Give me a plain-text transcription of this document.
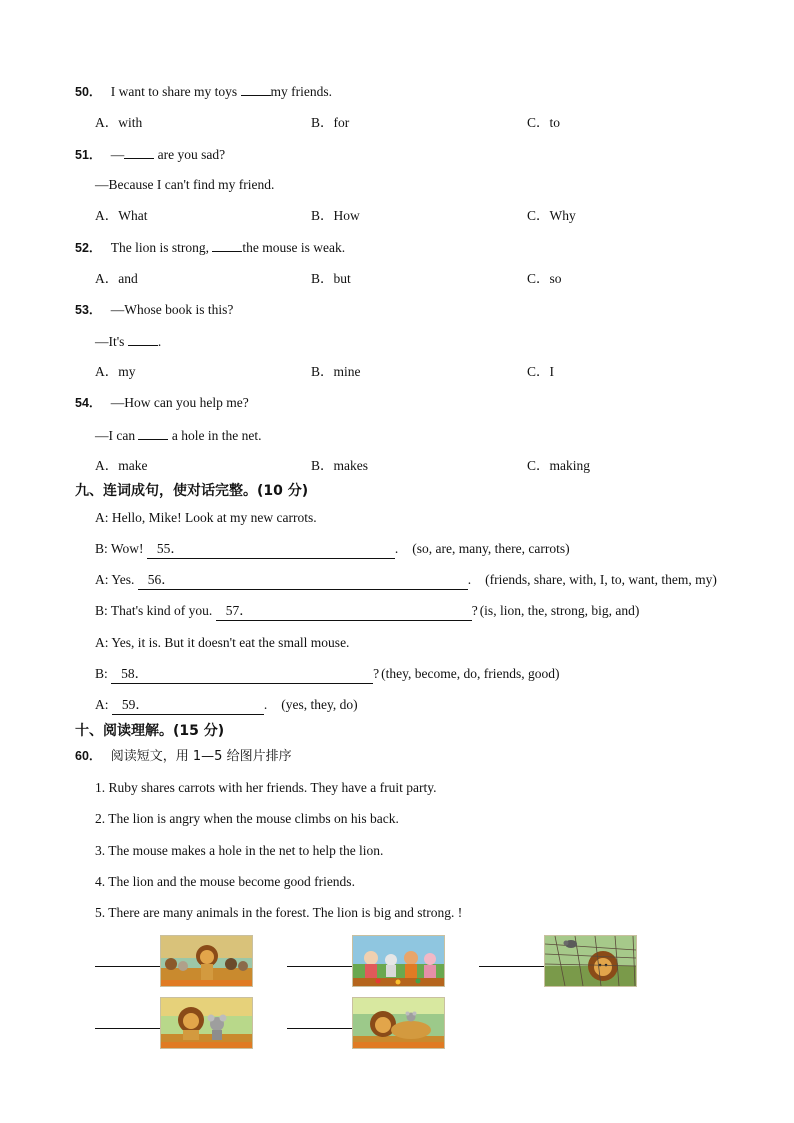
50． I want to share my toys my friends.
A．with	B．for	C．to
51． — are you sad?
—Because I can't find my friend.
A．What	B．How	C．Why
52． The lion is strong, the mouse is weak.
A．and	B．but	C．so
53． —Whose book is this?
—It's .
A．my	B．mine	C．I
54． —How can you help me?
—I can  a hole in the net.
A．make	B．makes	C．making
九、连词成句，使对话完整。(10 分)
A: Hello, Mike! Look at my new carrots.
B: Wow! 55．	. (so, are, many, there, carrots)
A: Yes. 56．	. (friends, share, with, I, to, want, them, my)
B: That's kind of you. 57．	? (is, lion, the, strong, big, and)
A: Yes, it is. But it doesn't eat the small mouse.
B: 58．	? (they, become, do, friends, good)
A: 59．	. (yes, they, do)
十、阅读理解。(15 分)
60． 阅读短文，用 1—5 给图片排序
1. Ruby shares carrots with her friends. They have a fruit party.
2. The lion is angry when the mouse climbs on his back.
3. The mouse makes a hole in the net to help the lion.
4. The lion and the mouse become good friends.
5. There are many animals in the forest. The lion is big and strong. !
